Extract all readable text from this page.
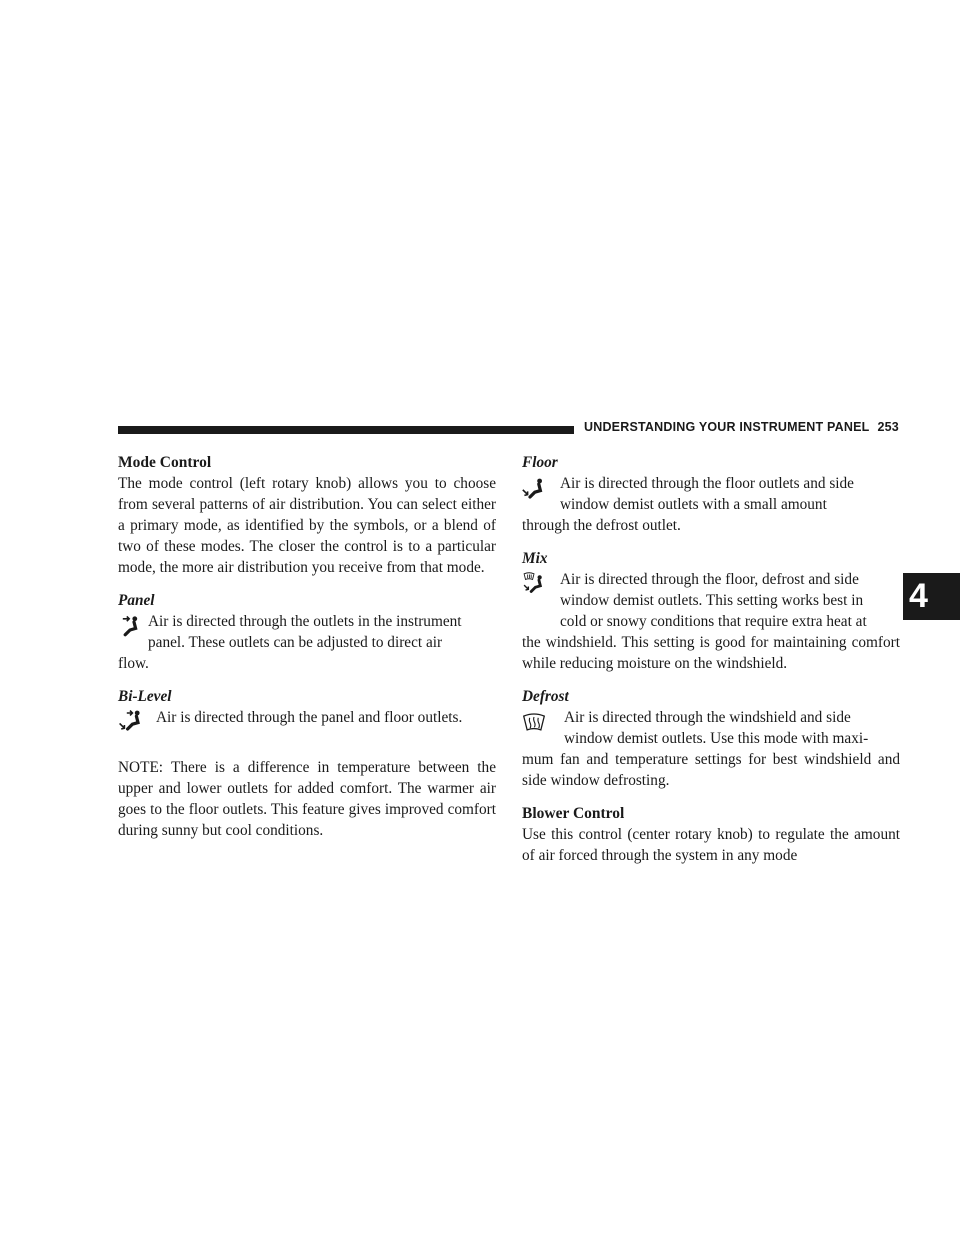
UNDERSTANDING YOUR INSTRUMENT PANEL 253
4
Mode Control

The mode control (left rotary knob) allows you to choose from several patterns of air distribution. You can select either a primary mode, as identified by the symbols, or a blend of two of these modes. The closer the control is to a particular mode, the more air distribution you receive from that mode.

Panel

Air is directed through the outlets in the instrument

panel. These outlets can be adjusted to direct air

flow.

Bi-Level

Air is directed through the panel and floor outlets.

NOTE: There is a difference in temperature between the upper and lower outlets for added comfort. The warmer air goes to the floor outlets. This feature gives improved comfort during sunny but cool conditions.

Floor

Air is directed through the floor outlets and side

window demist outlets with a small amount

through the defrost outlet.

Mix

Air is directed through the floor, defrost and side

window demist outlets. This setting works best in

cold or snowy conditions that require extra heat at

the windshield. This setting is good for maintaining comfort while reducing moisture on the windshield.

Defrost

Air is directed through the windshield and side

window demist outlets. Use this mode with maxi-

mum fan and temperature settings for best windshield and side window defrosting.

Blower Control

Use this control (center rotary knob) to regulate the amount of air forced through the system in any mode
